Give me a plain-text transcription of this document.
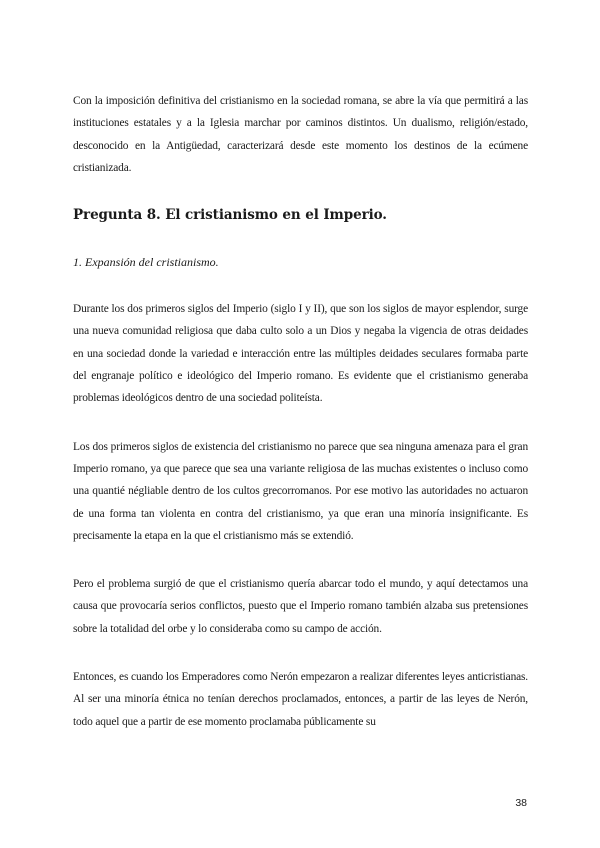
Con la imposición definitiva del cristianismo en la sociedad romana, se abre la vía que permitirá a las instituciones estatales y a la Iglesia marchar por caminos distintos. Un dualismo, religión/estado, desconocido en la Antigüedad, caracterizará desde este momento los destinos de la ecúmene cristianizada.

Pregunta 8. El cristianismo en el Imperio.

1. Expansión del cristianismo.

Durante los dos primeros siglos del Imperio (siglo I y II), que son los siglos de mayor esplendor, surge una nueva comunidad religiosa que daba culto solo a un Dios y negaba la vigencia de otras deidades en una sociedad donde la variedad e interacción entre las múltiples deidades seculares formaba parte del engranaje político e ideológico del Imperio romano. Es evidente que el cristianismo generaba problemas ideológicos dentro de una sociedad politeísta.

Los dos primeros siglos de existencia del cristianismo no parece que sea ninguna amenaza para el gran Imperio romano, ya que parece que sea una variante religiosa de las muchas existentes o incluso como una quantié négliable dentro de los cultos grecorromanos. Por ese motivo las autoridades no actuaron de una forma tan violenta en contra del cristianismo, ya que eran una minoría insignificante. Es precisamente la etapa en la que el cristianismo más se extendió.

Pero el problema surgió de que el cristianismo quería abarcar todo el mundo, y aquí detectamos una causa que provocaría serios conflictos, puesto que el Imperio romano también alzaba sus pretensiones sobre la totalidad del orbe y lo consideraba como su campo de acción.

Entonces, es cuando los Emperadores como Nerón empezaron a realizar diferentes leyes anticristianas. Al ser una minoría étnica no tenían derechos proclamados, entonces, a partir de las leyes de Nerón, todo aquel que a partir de ese momento proclamaba públicamente su

38
